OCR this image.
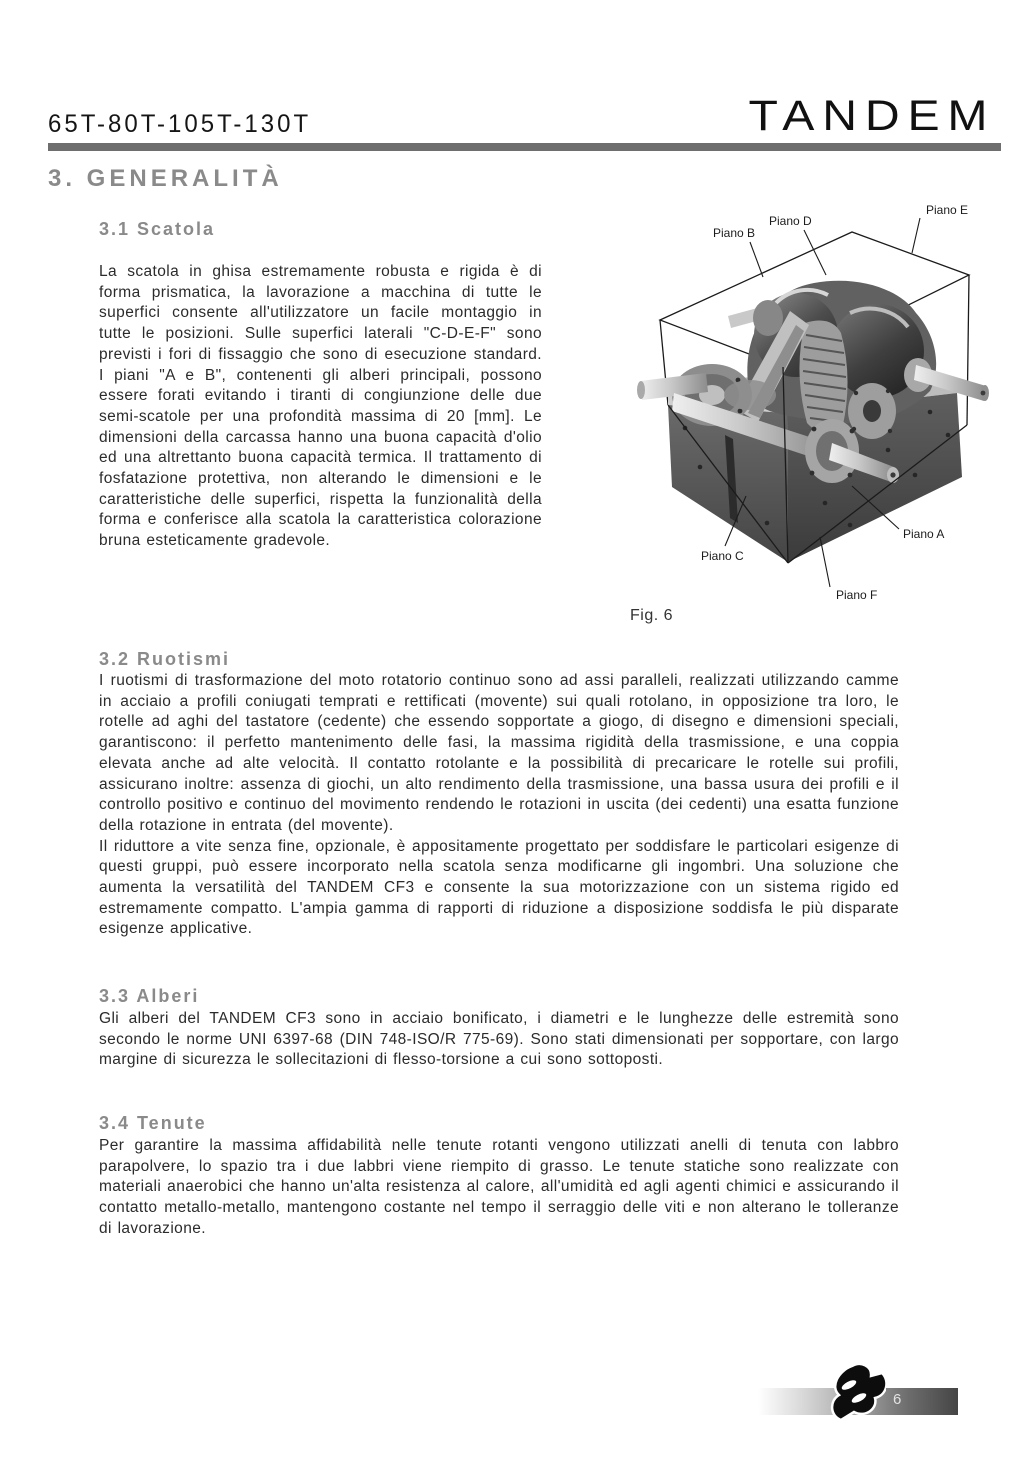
65T-80T-105T-130T	TANDEM
3. GENERALITÀ
3.1 Scatola

La scatola in ghisa estremamente robusta e rigida è di forma prismatica, la lavorazione a macchina di tutte le superfici consente all'utilizzatore un facile montaggio in tutte le posizioni. Sulle superfici laterali "C-D-E-F" sono previsti i fori di fissaggio che sono di esecuzione standard. I piani "A e B", contenenti gli alberi principali, possono essere forati evitando i tiranti di congiunzione delle due semi-scatole per una profondità massima di 20 [mm]. Le dimensioni della carcassa hanno una buona capacità d'olio ed una altrettanto buona capacità termica. Il trattamento di fosfatazione protettiva, non alterando le dimensioni e le caratteristiche delle superfici, rispetta la funzionalità della forma e conferisce alla scatola la caratteristica colorazione bruna esteticamente gradevole.

Piano B
Piano D
Piano E
Piano A
Piano C
Piano F
Fig. 6
3.2 Ruotismi

I ruotismi di trasformazione del moto rotatorio continuo sono ad assi paralleli, realizzati utilizzando camme in acciaio a profili coniugati temprati e rettificati (movente) sui quali rotolano, in opposizione tra loro, le rotelle ad aghi del tastatore (cedente) che essendo sopportate a giogo, di disegno e dimensioni speciali, garantiscono: il perfetto mantenimento delle fasi, la massima rigidità della trasmissione, e una coppia elevata anche ad alte velocità. Il contatto rotolante e la possibilità di precaricare le rotelle sui profili, assicurano inoltre: assenza di giochi, un alto rendimento della trasmissione, una bassa usura dei profili e il controllo positivo e continuo del movimento rendendo le rotazioni in uscita (dei cedenti) una esatta funzione della rotazione in entrata (del movente).

Il riduttore a vite senza fine, opzionale, è appositamente progettato per soddisfare le particolari esigenze di questi gruppi, può essere incorporato nella scatola senza modificarne gli ingombri. Una soluzione che aumenta la versatilità del TANDEM CF3 e consente la sua motorizzazione con un sistema rigido ed estremamente compatto. L'ampia gamma di rapporti di riduzione a disposizione soddisfa le più disparate esigenze applicative.

3.3 Alberi

Gli alberi del TANDEM CF3 sono in acciaio bonificato, i diametri e le lunghezze delle estremità sono secondo le norme UNI 6397-68 (DIN 748-ISO/R 775-69). Sono stati dimensionati per sopportare, con largo margine di sicurezza le sollecitazioni di flesso-torsione a cui sono sottoposti.

3.4 Tenute

Per garantire la massima affidabilità nelle tenute rotanti vengono utilizzati anelli di tenuta con labbro parapolvere, lo spazio tra i due labbri viene riempito di grasso. Le tenute statiche sono realizzate con materiali anaerobici che hanno un'alta resistenza al calore, all'umidità ed agli agenti chimici e assicurando il contatto metallo-metallo, mantengono costante nel tempo il serraggio delle viti e non alterano le tolleranze di lavorazione.

6
